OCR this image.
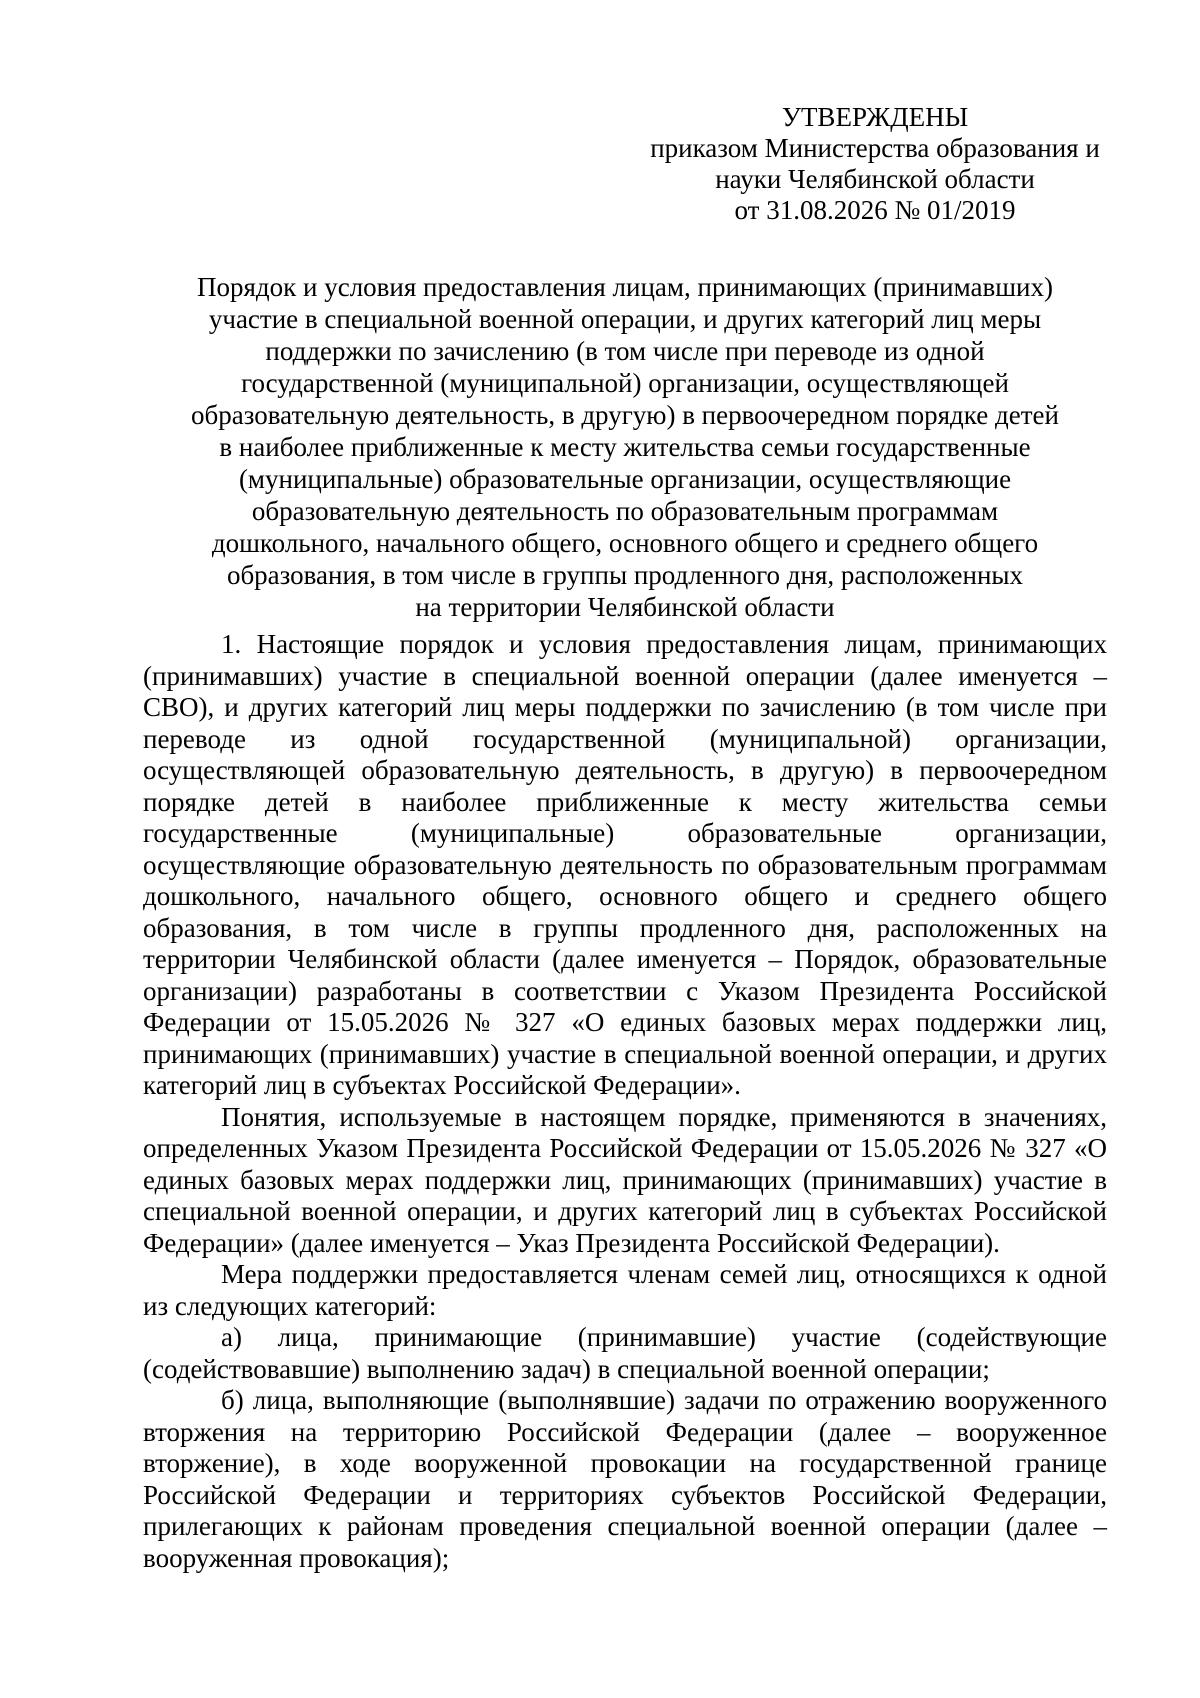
УТВЕРЖДЕНЫ
приказом Министерства образования и
науки Челябинской области
от 31.08.2026 № 01/2019
Порядок и условия предоставления лицам, принимающих (принимавших)
участие в специальной военной операции, и других категорий лиц меры
поддержки по зачислению (в том числе при переводе из одной
государственной (муниципальной) организации, осуществляющей
образовательную деятельность, в другую) в первоочередном порядке детей
в наиболее приближенные к месту жительства семьи государственные
(муниципальные) образовательные организации, осуществляющие
образовательную деятельность по образовательным программам
дошкольного, начального общего, основного общего и среднего общего
образования, в том числе в группы продленного дня, расположенных
на территории Челябинской области
1. Настоящие порядок и условия предоставления лицам, принимающих (принимавших) участие в специальной военной операции (далее именуется – СВО), и других категорий лиц меры поддержки по зачислению (в том числе при переводе из одной государственной (муниципальной) организации, осуществляющей образовательную деятельность, в другую) в первоочередном порядке детей в наиболее приближенные к месту жительства семьи государственные (муниципальные) образовательные организации, осуществляющие образовательную деятельность по образовательным программам дошкольного, начального общего, основного общего и среднего общего образования, в том числе в группы продленного дня, расположенных на территории Челябинской области (далее именуется – Порядок, образовательные организации) разработаны в соответствии с Указом Президента Российской Федерации от 15.05.2026 № 327 «О единых базовых мерах поддержки лиц, принимающих (принимавших) участие в специальной военной операции, и других категорий лиц в субъектах Российской Федерации».
Понятия, используемые в настоящем порядке, применяются в значениях, определенных Указом Президента Российской Федерации от 15.05.2026 № 327 «О единых базовых мерах поддержки лиц, принимающих (принимавших) участие в специальной военной операции, и других категорий лиц в субъектах Российской Федерации» (далее именуется – Указ Президента Российской Федерации).
Мера поддержки предоставляется членам семей лиц, относящихся к одной из следующих категорий:
а) лица, принимающие (принимавшие) участие (содействующие (содействовавшие) выполнению задач) в специальной военной операции;
б) лица, выполняющие (выполнявшие) задачи по отражению вооруженного вторжения на территорию Российской Федерации (далее – вооруженное вторжение), в ходе вооруженной провокации на государственной границе Российской Федерации и территориях субъектов Российской Федерации, прилегающих к районам проведения специальной военной операции (далее – вооруженная провокация);
